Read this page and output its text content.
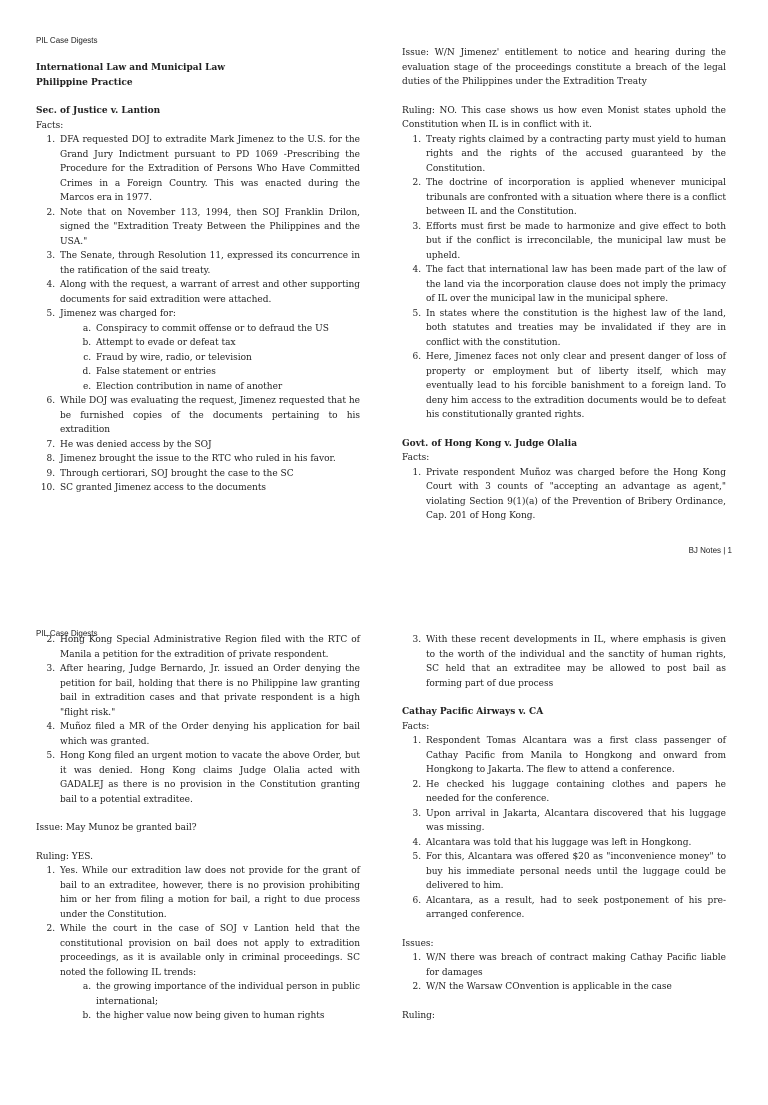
PIL Case Digests

International Law and Municipal Law

Philippine Practice

Sec. of Justice v. Lantion

Facts:

1. DFA requested DOJ to extradite Mark Jimenez to the U.S. for the Grand Jury Indictment pursuant to PD 1069 -Prescribing the Procedure for the Extradition of Persons Who Have Committed Crimes in a Foreign Country. This was enacted during the Marcos era in 1977.
2. Note that on November 113, 1994, then SOJ Franklin Drilon, signed the "Extradition Treaty Between the Philippines and the USA."
3. The Senate, through Resolution 11, expressed its concurrence in the ratification of the said treaty.
4. Along with the request, a warrant of arrest and other supporting documents for said extradition were attached.
5. Jimenez was charged for:
a. Conspiracy to commit offense or to defraud the US
b. Attempt to evade or defeat tax
c. Fraud by wire, radio, or television
d. False statement or entries
e. Election contribution in name of another
6. While DOJ was evaluating the request, Jimenez requested that he be furnished copies of the documents pertaining to his extradition
7. He was denied access by the SOJ
8. Jimenez brought the issue to the RTC who ruled in his favor.
9. Through certiorari, SOJ brought the case to the SC
10. SC granted Jimenez access to the documents

Issue: W/N Jimenez' entitlement to notice and hearing during the evaluation stage of the proceedings constitute a breach of the legal duties of the Philippines under the Extradition Treaty

Ruling: NO. This case shows us how even Monist states uphold the Constitution when IL is in conflict with it.

1. Treaty rights claimed by a contracting party must yield to human rights and the rights of the accused guaranteed by the Constitution.
2. The doctrine of incorporation is applied whenever municipal tribunals are confronted with a situation where there is a conflict between IL and the Constitution.
3. Efforts must first be made to harmonize and give effect to both but if the conflict is irreconcilable, the municipal law must be upheld.
4. The fact that international law has been made part of the law of the land via the incorporation clause does not imply the primacy of IL over the municipal law in the municipal sphere.
5. In states where the constitution is the highest law of the land, both statutes and treaties may be invalidated if they are in conflict with the constitution.
6. Here, Jimenez faces not only clear and present danger of loss of property or employment but of liberty itself, which may eventually lead to his forcible banishment to a foreign land. To deny him access to the extradition documents would be to defeat his constitutionally granted rights.

Govt. of Hong Kong v. Judge Olalia

Facts:

1. Private respondent Muñoz was charged before the Hong Kong Court with 3 counts of "accepting an advantage as agent," violating Section 9(1)(a) of the Prevention of Bribery Ordinance, Cap. 201 of Hong Kong.
BJ Notes | 1
PIL Case Digests
2. Hong Kong Special Administrative Region filed with the RTC of Manila a petition for the extradition of private respondent.
3. After hearing, Judge Bernardo, Jr. issued an Order denying the petition for bail, holding that there is no Philippine law granting bail in extradition cases and that private respondent is a high "flight risk."
4. Muñoz filed a MR of the Order denying his application for bail which was granted.
5. Hong Kong filed an urgent motion to vacate the above Order, but it was denied. Hong Kong claims Judge Olalia acted with GADALEJ as there is no provision in the Constitution granting bail to a potential extraditee.

Issue: May Munoz be granted bail?

Ruling: YES.

1. Yes. While our extradition law does not provide for the grant of bail to an extraditee, however, there is no provision prohibiting him or her from filing a motion for bail, a right to due process under the Constitution.
2. While the court in the case of SOJ v Lantion held that the constitutional provision on bail does not apply to extradition proceedings, as it is available only in criminal proceedings. SC noted the following IL trends:
a. the growing importance of the individual person in public international;
b. the higher value now being given to human rights
3. With these recent developments in IL, where emphasis is given to the worth of the individual and the sanctity of human rights, SC held that an extraditee may be allowed to post bail as forming part of due process

Cathay Pacific Airways v. CA

Facts:

1. Respondent Tomas Alcantara was a first class passenger of Cathay Pacific from Manila to Hongkong and onward from Hongkong to Jakarta. The flew to attend a conference.
2. He checked his luggage containing clothes and papers he needed for the conference.
3. Upon arrival in Jakarta, Alcantara discovered that his luggage was missing.
4. Alcantara was told that his luggage was left in Hongkong.
5. For this, Alcantara was offered $20 as "inconvenience money" to buy his immediate personal needs until the luggage could be delivered to him.
6. Alcantara, as a result, had to seek postponement of his pre-arranged conference.

Issues:

1. W/N there was breach of contract making Cathay Pacific liable for damages
2. W/N the Warsaw COnvention is applicable in the case

Ruling:
